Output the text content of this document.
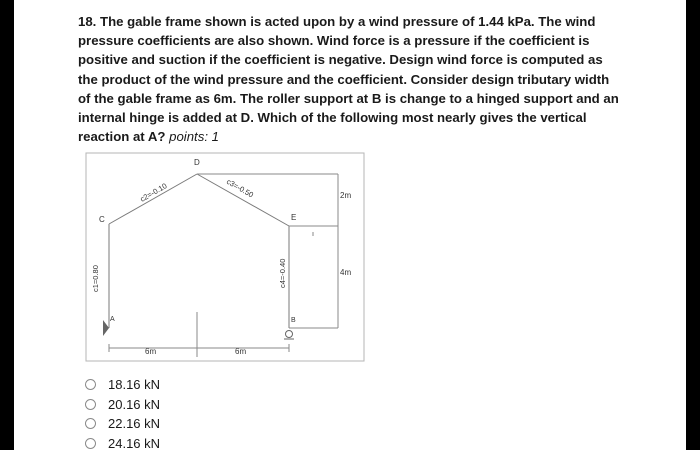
18. The gable frame shown is acted upon by a wind pressure of 1.44 kPa. The wind pressure coefficients are also shown. Wind force is a pressure if the coefficient is positive and suction if the coefficient is negative. Design wind force is computed as the product of the wind pressure and the coefficient. Consider design tributary width of the gable frame as 6m. The roller support at B is change to a hinged support and an internal hinge is added at D. Which of the following most nearly gives the vertical reaction at A? points: 1
C
D
E
A	B
c2=-0.10	c3=-0.50
c1=0.80	c4=-0.40
6m	6m
2m
4m
18.16 kN
20.16 kN
22.16 kN
24.16 kN
